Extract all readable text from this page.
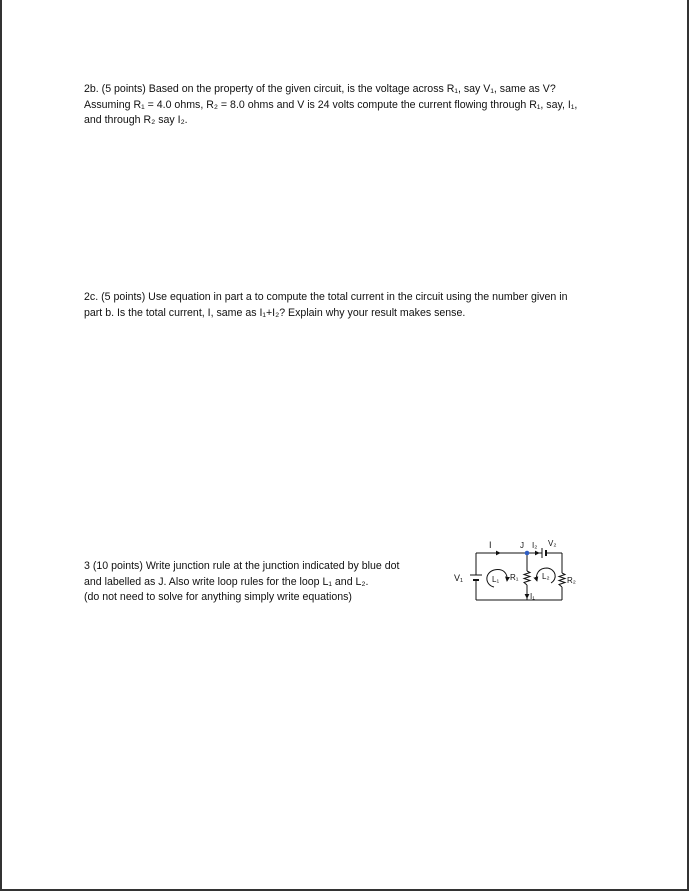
2b. (5 points) Based on the property of the given circuit, is the voltage across R₁, say V₁, same as V?

Assuming R₁ = 4.0 ohms, R₂ = 8.0 ohms and V is 24 volts compute the current flowing through R₁, say, I₁,

and through R₂ say I₂.

2c. (5 points) Use equation in part a to compute the total current in the circuit using the number given in

part b. Is the total current, I, same as I₁+I₂? Explain why your result makes sense.

3 (10 points) Write junction rule at the junction indicated by blue dot

and labelled as J. Also write loop rules for the loop L₁ and L₂.

(do not need to solve for anything simply write equations)

I	J I₂ V₂
V₁	L₁ R₁	L₂ R₂
I₁
